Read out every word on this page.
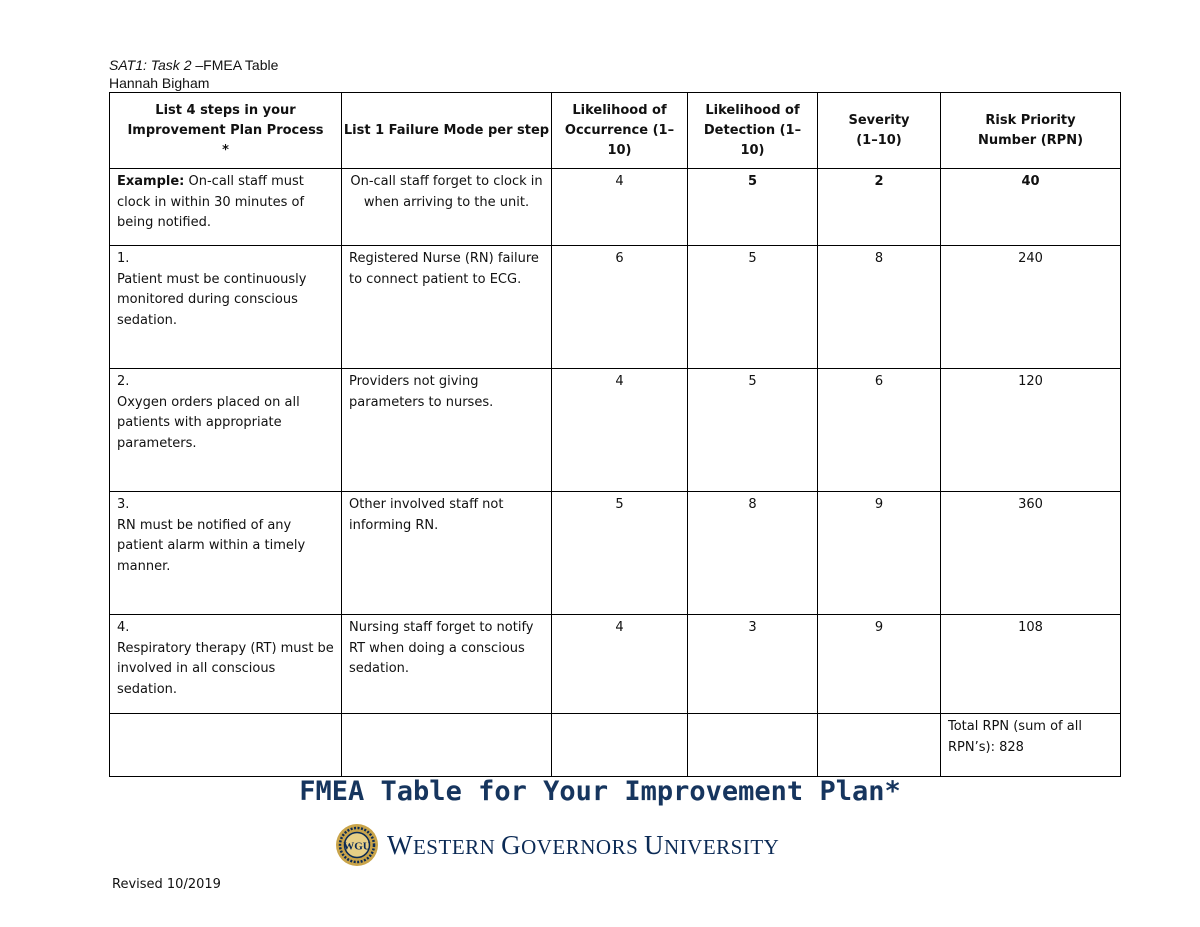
SAT1: Task 2 –FMEA Table
Hannah Bigham
List 4 steps in your Improvement Plan Process *	List 1 Failure Mode per step	Likelihood of Occurrence (1–10)	Likelihood of Detection (1–10)	Severity (1–10)	Risk Priority Number (RPN)

Example: On-call staff must clock in within 30 minutes of being notified.	On-call staff forget to clock in when arriving to the unit.	4	5	2	40

1.
Patient must be continuously monitored during conscious sedation.	Registered Nurse (RN) failure to connect patient to ECG.	6	5	8	240

2.
Oxygen orders placed on all patients with appropriate parameters.	Providers not giving parameters to nurses.	4	5	6	120

3.
RN must be notified of any patient alarm within a timely manner.	Other involved staff not informing RN.	5	8	9	360

4.
Respiratory therapy (RT) must be involved in all conscious sedation.	Nursing staff forget to notify RT when doing a conscious sedation.	4	3	9	108

					Total RPN (sum of all RPN’s): 828
FMEA Table for Your Improvement Plan*
WGU WESTERN GOVERNORS UNIVERSITY
Revised 10/2019
